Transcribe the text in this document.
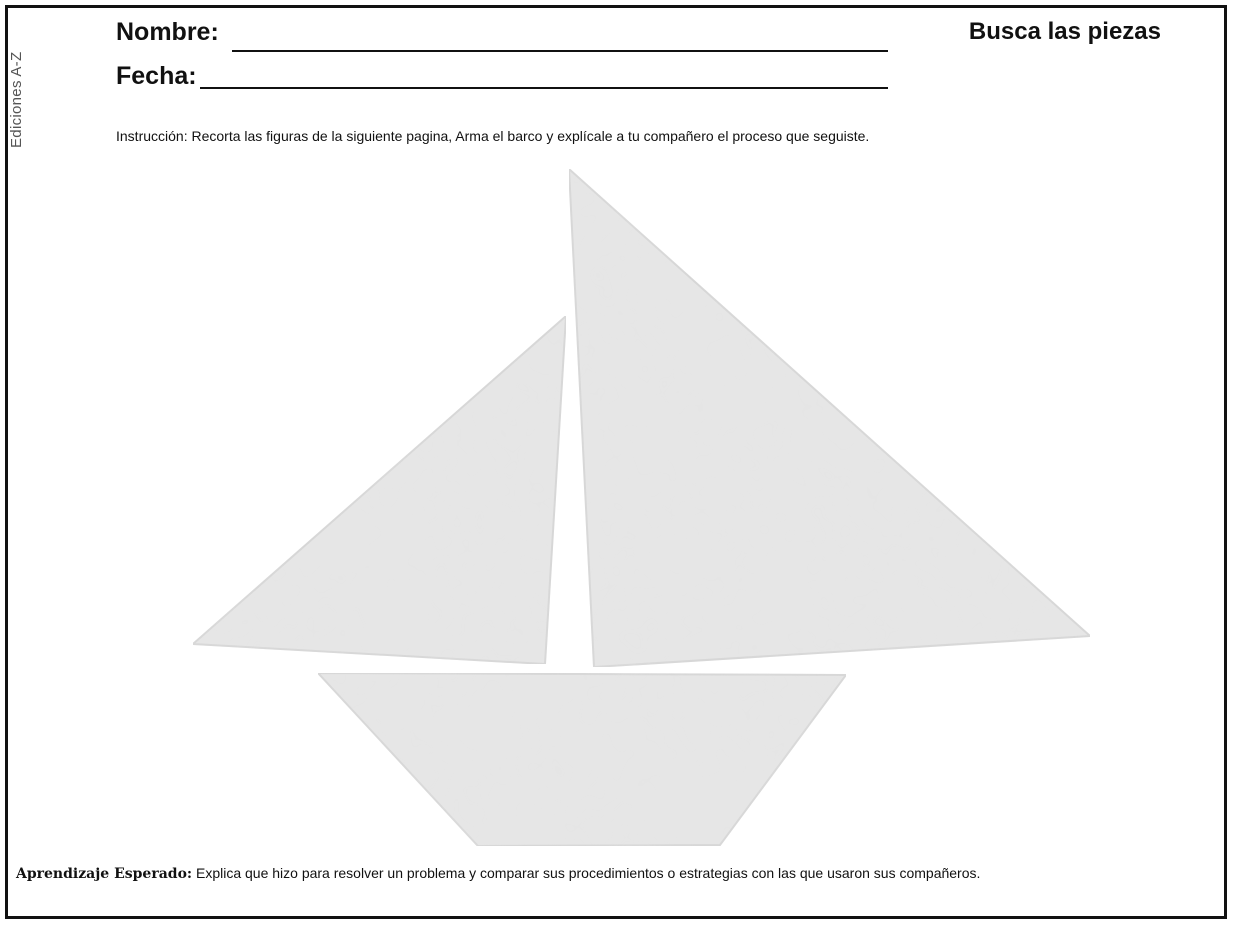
Ediciones A-Z
Nombre:
Fecha:
Busca las piezas
Instrucción: Recorta las figuras de la siguiente pagina, Arma el barco y explícale a tu compañero el proceso que seguiste.
Aprendizaje Esperado: Explica que hizo para resolver un problema y comparar sus procedimientos o estrategias con las que usaron sus compañeros.
